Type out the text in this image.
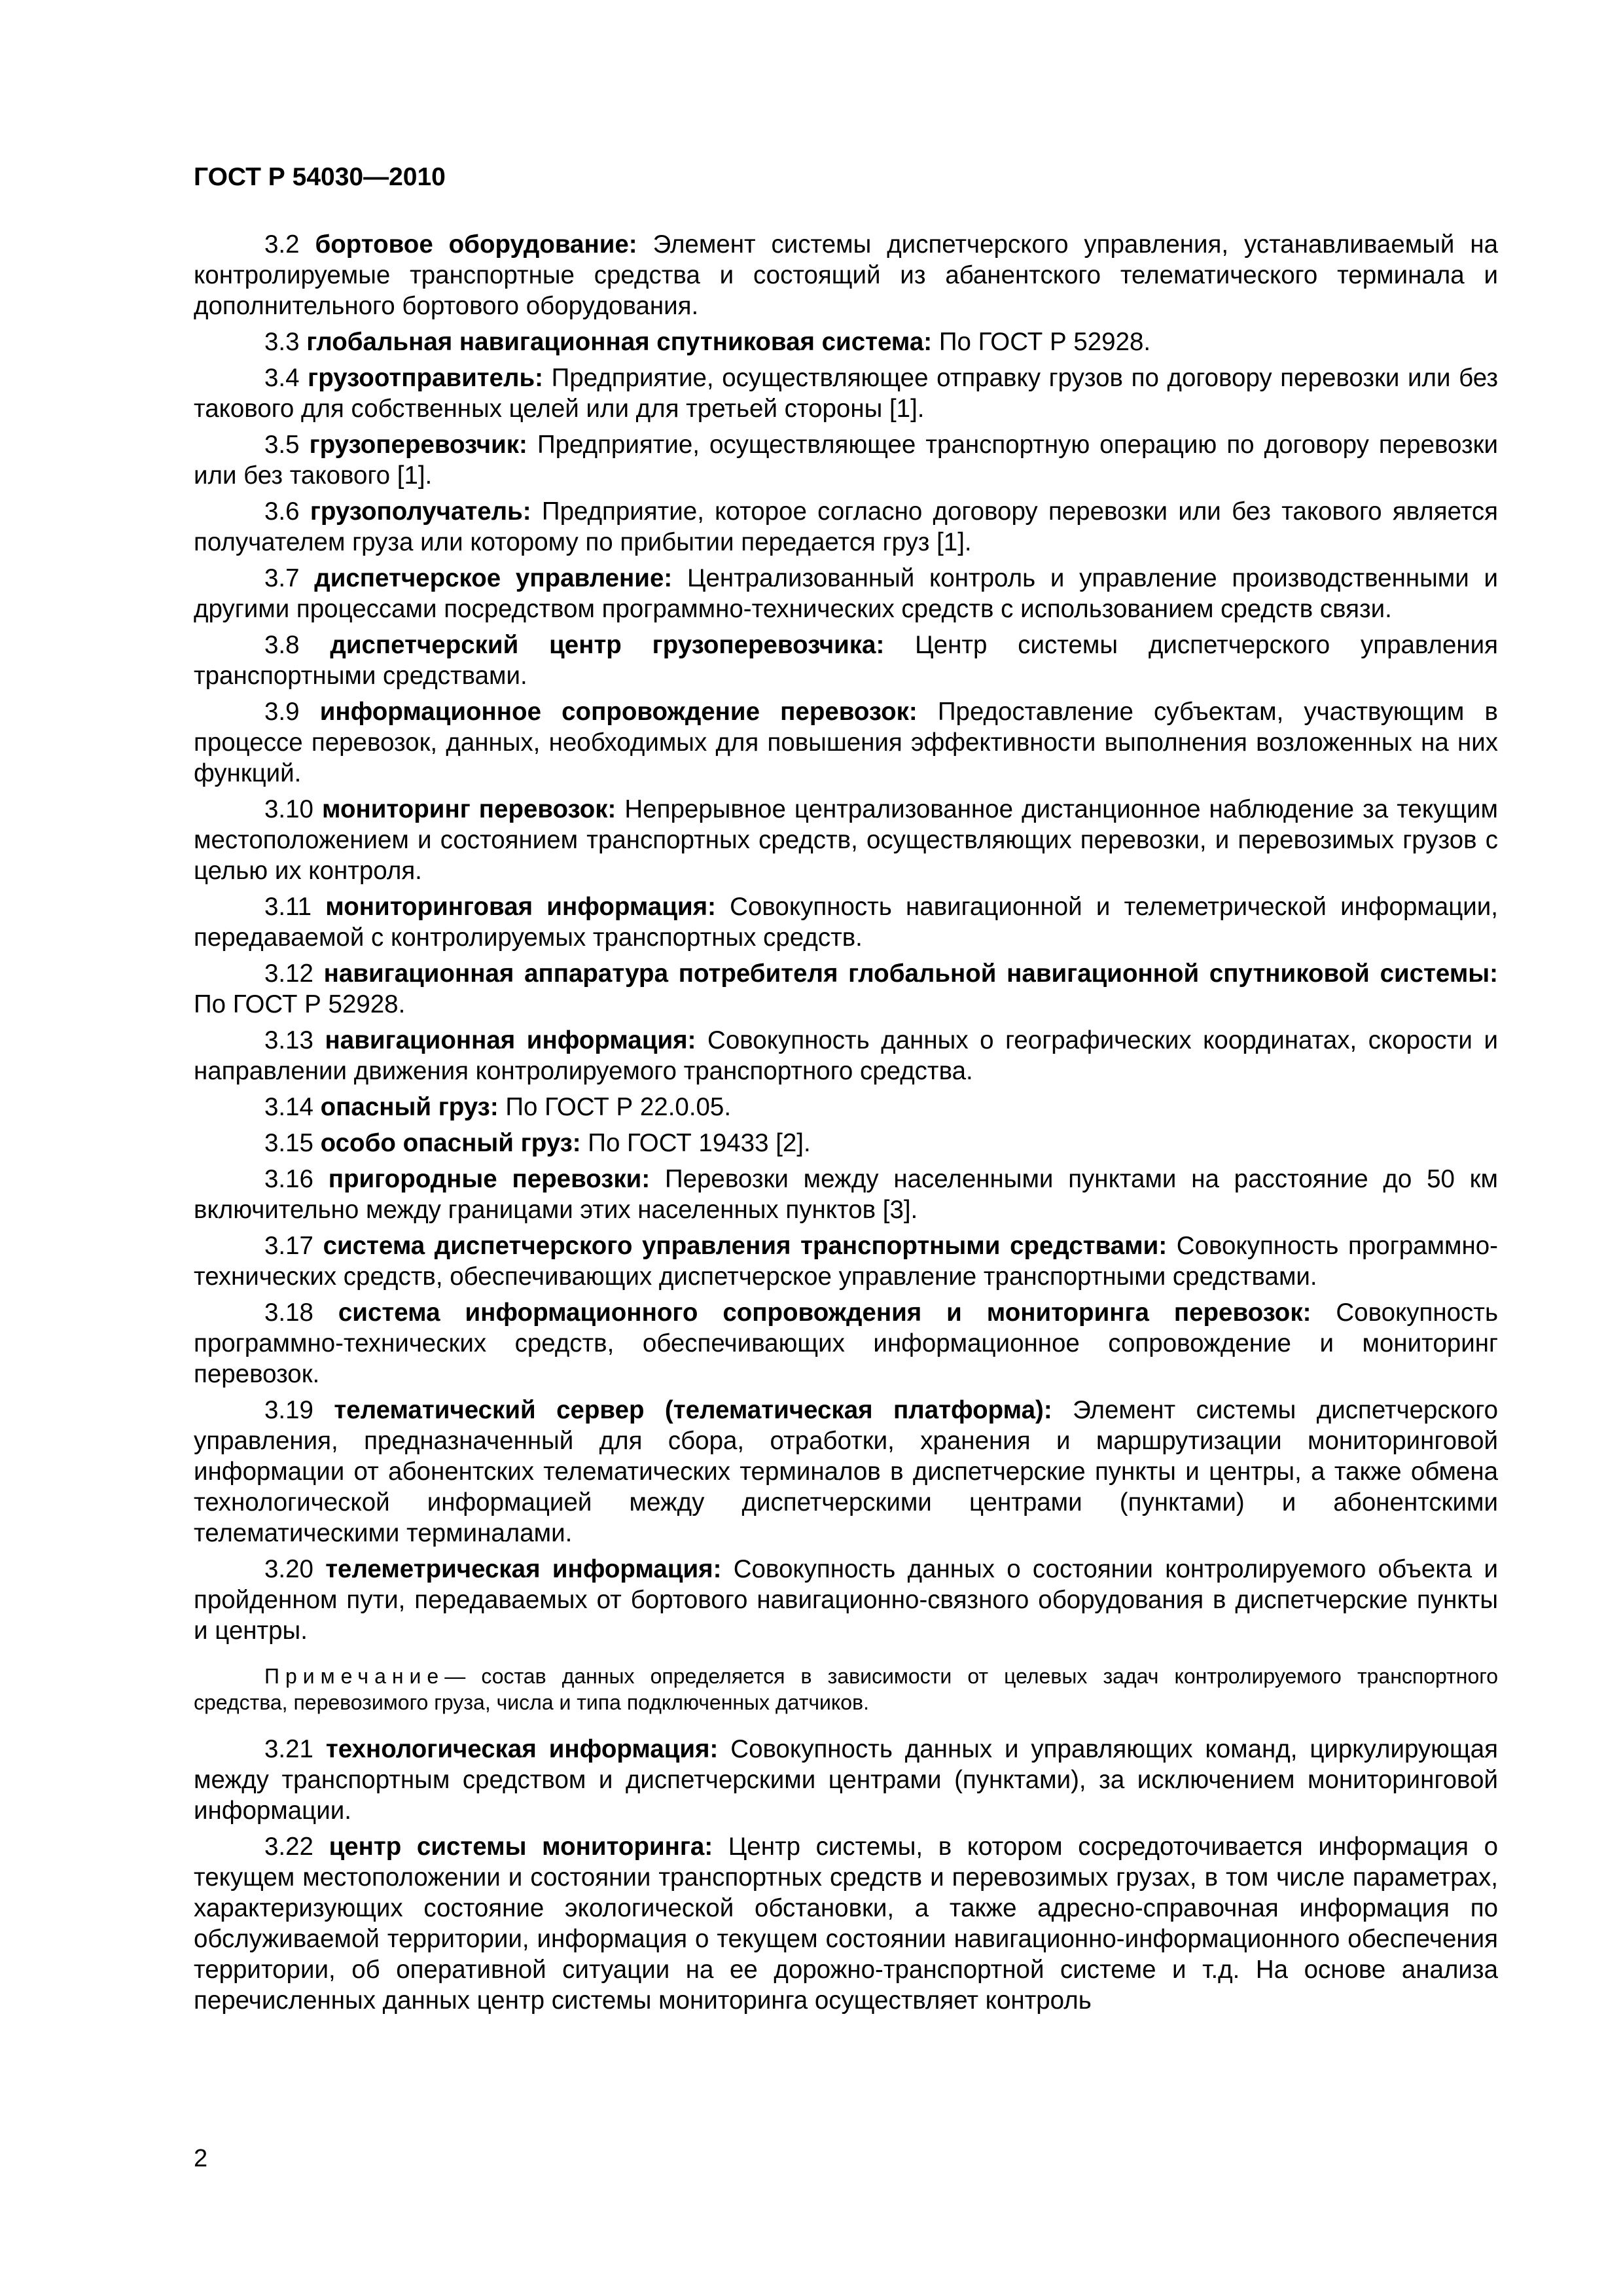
ГОСТ Р 54030—2010

3.2 бортовое оборудование: Элемент системы диспетчерского управления, устанавливаемый на контролируемые транспортные средства и состоящий из абанентского телематического терминала и дополнительного бортового оборудования.

3.3 глобальная навигационная спутниковая система: По ГОСТ Р 52928.

3.4 грузоотправитель: Предприятие, осуществляющее отправку грузов по договору перевозки или без такового для собственных целей или для третьей стороны [1].

3.5 грузоперевозчик: Предприятие, осуществляющее транспортную операцию по договору перевозки или без такового [1].

3.6 грузополучатель: Предприятие, которое согласно договору перевозки или без такового является получателем груза или которому по прибытии передается груз [1].

3.7 диспетчерское управление: Централизованный контроль и управление производственными и другими процессами посредством программно-технических средств с использованием средств связи.

3.8 диспетчерский центр грузоперевозчика: Центр системы диспетчерского управления транспортными средствами.

3.9 информационное сопровождение перевозок: Предоставление субъектам, участвующим в процессе перевозок, данных, необходимых для повышения эффективности выполнения возложенных на них функций.

3.10 мониторинг перевозок: Непрерывное централизованное дистанционное наблюдение за текущим местоположением и состоянием транспортных средств, осуществляющих перевозки, и перевозимых грузов с целью их контроля.

3.11 мониторинговая информация: Совокупность навигационной и телеметрической информации, передаваемой с контролируемых транспортных средств.

3.12 навигационная аппаратура потребителя глобальной навигационной спутниковой системы: По ГОСТ Р 52928.

3.13 навигационная информация: Совокупность данных о географических координатах, скорости и направлении движения контролируемого транспортного средства.

3.14 опасный груз: По ГОСТ Р 22.0.05.

3.15 особо опасный груз: По ГОСТ 19433 [2].

3.16 пригородные перевозки: Перевозки между населенными пунктами на расстояние до 50 км включительно между границами этих населенных пунктов [3].

3.17 система диспетчерского управления транспортными средствами: Совокупность программно-технических средств, обеспечивающих диспетчерское управление транспортными средствами.

3.18 система информационного сопровождения и мониторинга перевозок: Совокупность программно-технических средств, обеспечивающих информационное сопровождение и мониторинг перевозок.

3.19 телематический сервер (телематическая платформа): Элемент системы диспетчерского управления, предназначенный для сбора, отработки, хранения и маршрутизации мониторинговой информации от абонентских телематических терминалов в диспетчерские пункты и центры, а также обмена технологической информацией между диспетчерскими центрами (пунктами) и абонентскими телематическими терминалами.

3.20 телеметрическая информация: Совокупность данных о состоянии контролируемого объекта и пройденном пути, передаваемых от бортового навигационно-связного оборудования в диспетчерские пункты и центры.

Примечание— состав данных определяется в зависимости от целевых задач контролируемого транспортного средства, перевозимого груза, числа и типа подключенных датчиков.

3.21 технологическая информация: Совокупность данных и управляющих команд, циркулирующая между транспортным средством и диспетчерскими центрами (пунктами), за исключением мониторинговой информации.

3.22 центр системы мониторинга: Центр системы, в котором сосредоточивается информация о текущем местоположении и состоянии транспортных средств и перевозимых грузах, в том числе параметрах, характеризующих состояние экологической обстановки, а также адресно-справочная информация по обслуживаемой территории, информация о текущем состоянии навигационно-информационного обеспечения территории, об оперативной ситуации на ее дорожно-транспортной системе и т.д. На основе анализа перечисленных данных центр системы мониторинга осуществляет контроль

2
